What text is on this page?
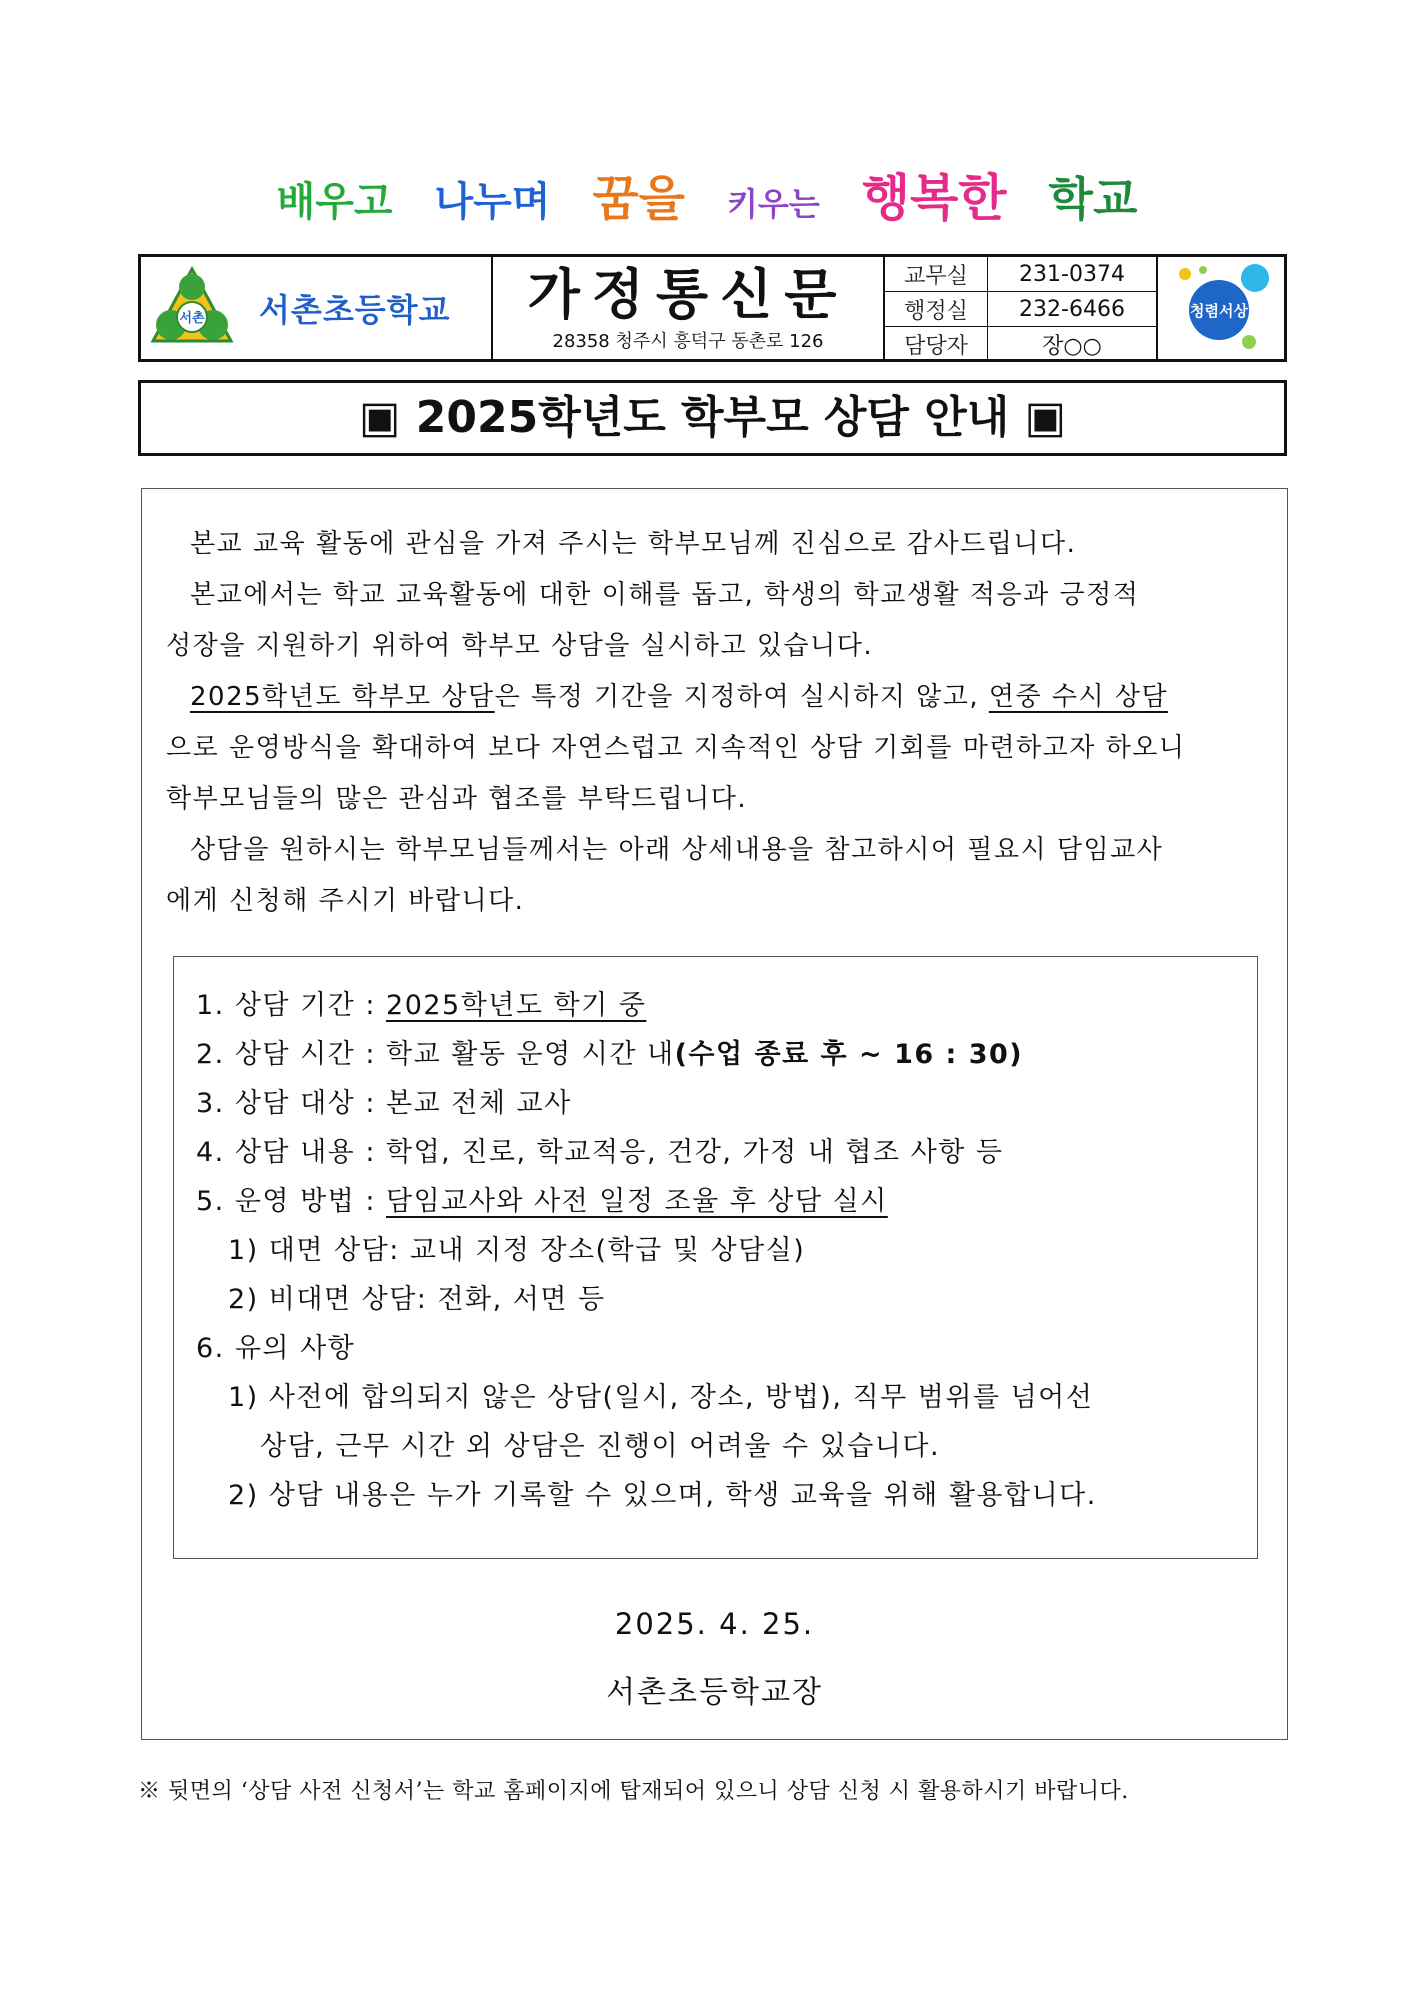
배우고 나누며 꿈을 키우는 행복한 학교
서촌 서촌초등학교	가정통신문
28358 청주시 흥덕구 동촌로 126
교무실	231-0374
행정실	232-6466
담당자	장○○
청렴서상
▣ 2025학년도 학부모 상담 안내 ▣

본교 교육 활동에 관심을 가져 주시는 학부모님께 진심으로 감사드립니다.

본교에서는 학교 교육활동에 대한 이해를 돕고, 학생의 학교생활 적응과 긍정적

성장을 지원하기 위하여 학부모 상담을 실시하고 있습니다.

2025학년도 학부모 상담은 특정 기간을 지정하여 실시하지 않고, 연중 수시 상담

으로 운영방식을 확대하여 보다 자연스럽고 지속적인 상담 기회를 마련하고자 하오니

학부모님들의 많은 관심과 협조를 부탁드립니다.

상담을 원하시는 학부모님들께서는 아래 상세내용을 참고하시어 필요시 담임교사

에게 신청해 주시기 바랍니다.

1. 상담 기간 : 2025학년도 학기 중
2. 상담 시간 : 학교 활동 운영 시간 내(수업 종료 후 ~ 16 : 30)
3. 상담 대상 : 본교 전체 교사
4. 상담 내용 : 학업, 진로, 학교적응, 건강, 가정 내 협조 사항 등
5. 운영 방법 : 담임교사와 사전 일정 조율 후 상담 실시
1) 대면 상담: 교내 지정 장소(학급 및 상담실)
2) 비대면 상담: 전화, 서면 등
6. 유의 사항
1) 사전에 합의되지 않은 상담(일시, 장소, 방법), 직무 범위를 넘어선
상담, 근무 시간 외 상담은 진행이 어려울 수 있습니다.
2) 상담 내용은 누가 기록할 수 있으며, 학생 교육을 위해 활용합니다.
2025. 4. 25.
서촌초등학교장
※ 뒷면의 ‘상담 사전 신청서’는 학교 홈페이지에 탑재되어 있으니 상담 신청 시 활용하시기 바랍니다.
